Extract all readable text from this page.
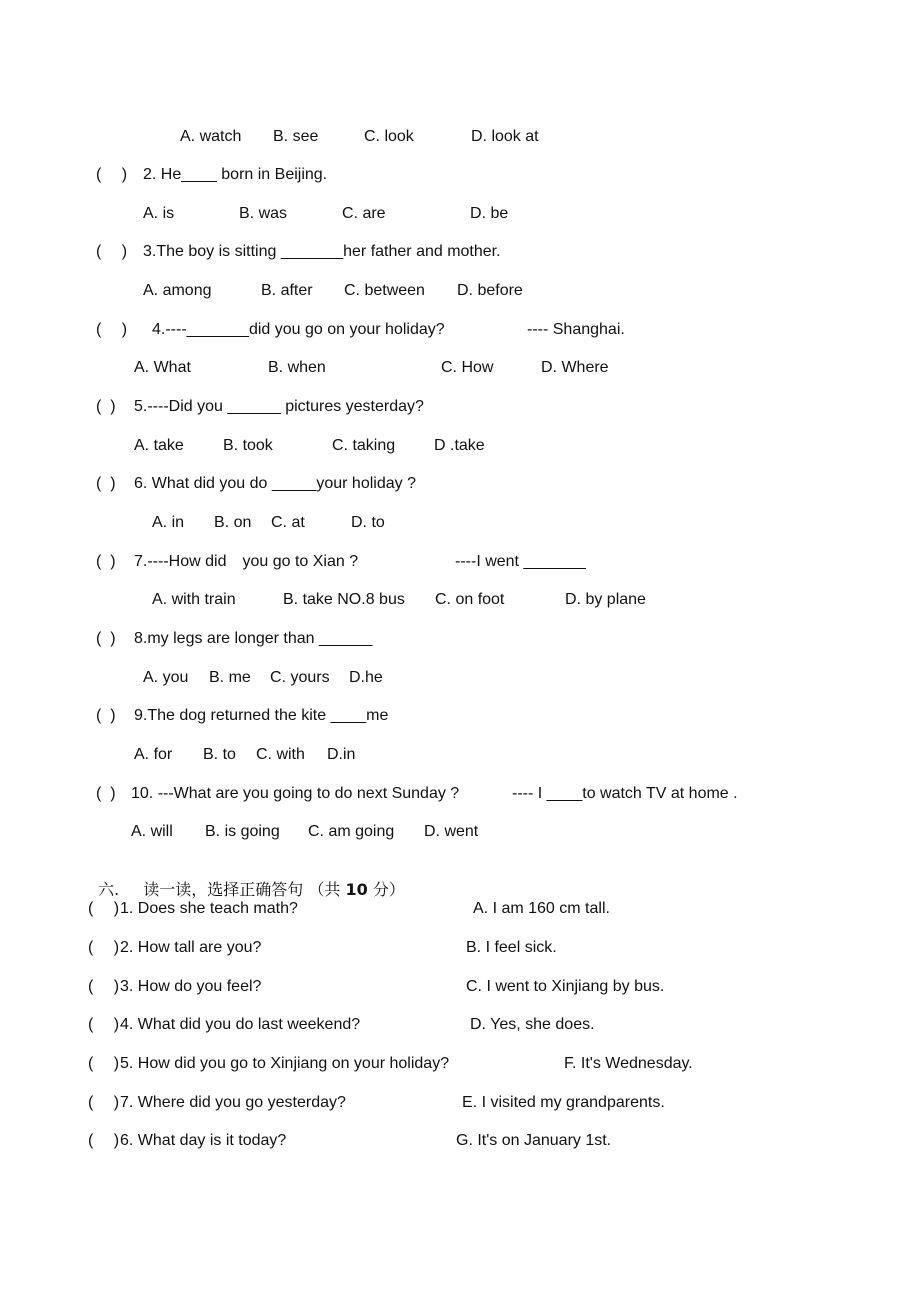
A. watch B. see	C. look	D. look at
(　 ) 2. He____ born in Beijing.
A. is	B. was	C. are	D. be
(　 ) 3.The boy is sitting _______her father and mother.
A. among	B. after C. between D. before
(　 ) 4.----_______did you go on your holiday?	---- Shanghai.
A. What	B. when	C. How	D. Where
(  ) 5.----Did you ______ pictures yesterday?
A. take B. took	C. taking D .take
(  ) 6. What did you do _____your holiday ?
A. in B. on C. at	D. to
(  ) 7.----How did　you go to Xian ?	----I went _______
A. with train	B. take NO.8 bus C. on foot	D. by plane
(  ) 8.my legs are longer than ______
A. you B. me C. yours D.he
(  ) 9.The dog returned the kite ____me
A. for B. to C. with D.in
(  ) 10. ---What are you going to do next Sunday ?	---- I ____to watch TV at home .
A. will B. is going C. am going D. went

六. 读一读，选择正确答句 （共 10 分）

(　 ) 1. Does she teach math?	A. I am 160 cm tall.
(　 ) 2. How tall are you?	B. I feel sick.
(　 ) 3. How do you feel?	C. I went to Xinjiang by bus.
(　 ) 4. What did you do last weekend?	D. Yes, she does.
(　 ) 5. How did you go to Xinjiang on your holiday?	F. It's Wednesday.
(　 ) 7. Where did you go yesterday?	E. I visited my grandparents.
(　 ) 6. What day is it today?	G. It's on January 1st.
